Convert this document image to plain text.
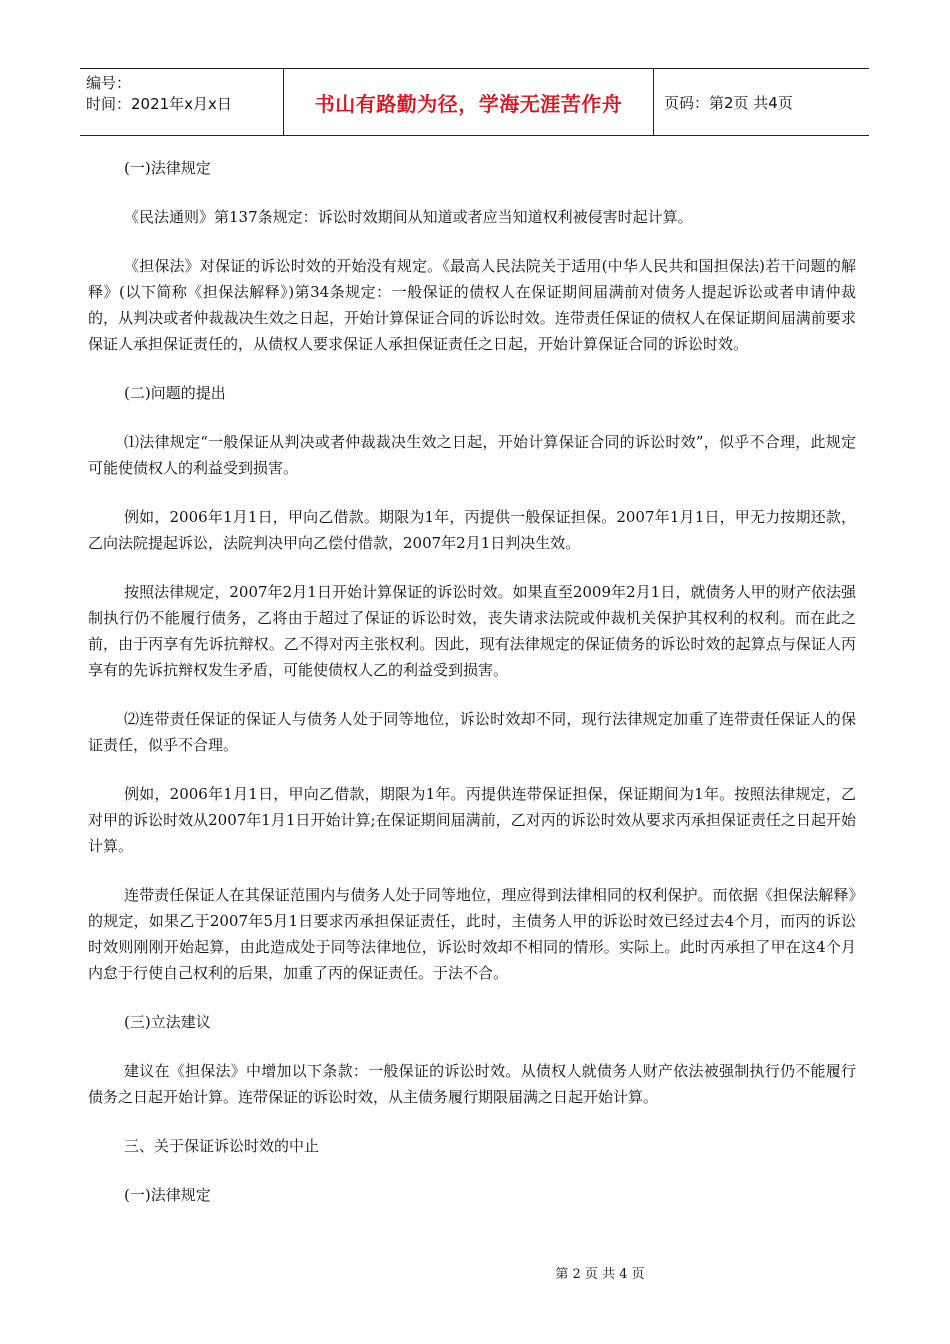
编号：
时间：2021年x月x日	书山有路勤为径，学海无涯苦作舟	页码：第2页 共4页

(一)法律规定

《民法通则》第137条规定：诉讼时效期间从知道或者应当知道权利被侵害时起计算。

《担保法》对保证的诉讼时效的开始没有规定。《最高人民法院关于适用(中华人民共和国担保法)若干问题的解释》(以下简称《担保法解释》)第34条规定：一般保证的债权人在保证期间届满前对债务人提起诉讼或者申请仲裁的，从判决或者仲裁裁决生效之日起，开始计算保证合同的诉讼时效。连带责任保证的债权人在保证期间届满前要求保证人承担保证责任的，从债权人要求保证人承担保证责任之日起，开始计算保证合同的诉讼时效。

(二)问题的提出

⑴法律规定“一般保证从判决或者仲裁裁决生效之日起，开始计算保证合同的诉讼时效”，似乎不合理，此规定可能使债权人的利益受到损害。

例如，2006年1月1日，甲向乙借款。期限为1年，丙提供一般保证担保。2007年1月1日，甲无力按期还款，乙向法院提起诉讼，法院判决甲向乙偿付借款，2007年2月1日判决生效。

按照法律规定，2007年2月1日开始计算保证的诉讼时效。如果直至2009年2月1日，就债务人甲的财产依法强制执行仍不能履行债务，乙将由于超过了保证的诉讼时效，丧失请求法院或仲裁机关保护其权利的权利。而在此之前，由于丙享有先诉抗辩权。乙不得对丙主张权利。因此，现有法律规定的保证债务的诉讼时效的起算点与保证人丙享有的先诉抗辩权发生矛盾，可能使债权人乙的利益受到损害。

⑵连带责任保证的保证人与债务人处于同等地位，诉讼时效却不同，现行法律规定加重了连带责任保证人的保证责任，似乎不合理。

例如，2006年1月1日，甲向乙借款，期限为1年。丙提供连带保证担保，保证期间为1年。按照法律规定，乙对甲的诉讼时效从2007年1月1日开始计算;在保证期间届满前，乙对丙的诉讼时效从要求丙承担保证责任之日起开始计算。

连带责任保证人在其保证范围内与债务人处于同等地位，理应得到法律相同的权利保护。而依据《担保法解释》的规定，如果乙于2007年5月1日要求丙承担保证责任，此时，主债务人甲的诉讼时效已经过去4个月，而丙的诉讼时效则刚刚开始起算，由此造成处于同等法律地位，诉讼时效却不相同的情形。实际上。此时丙承担了甲在这4个月内怠于行使自己权利的后果，加重了丙的保证责任。于法不合。

(三)立法建议

建议在《担保法》中增加以下条款：一般保证的诉讼时效。从债权人就债务人财产依法被强制执行仍不能履行债务之日起开始计算。连带保证的诉讼时效，从主债务履行期限届满之日起开始计算。

三、关于保证诉讼时效的中止

(一)法律规定

第 2 页 共 4 页
